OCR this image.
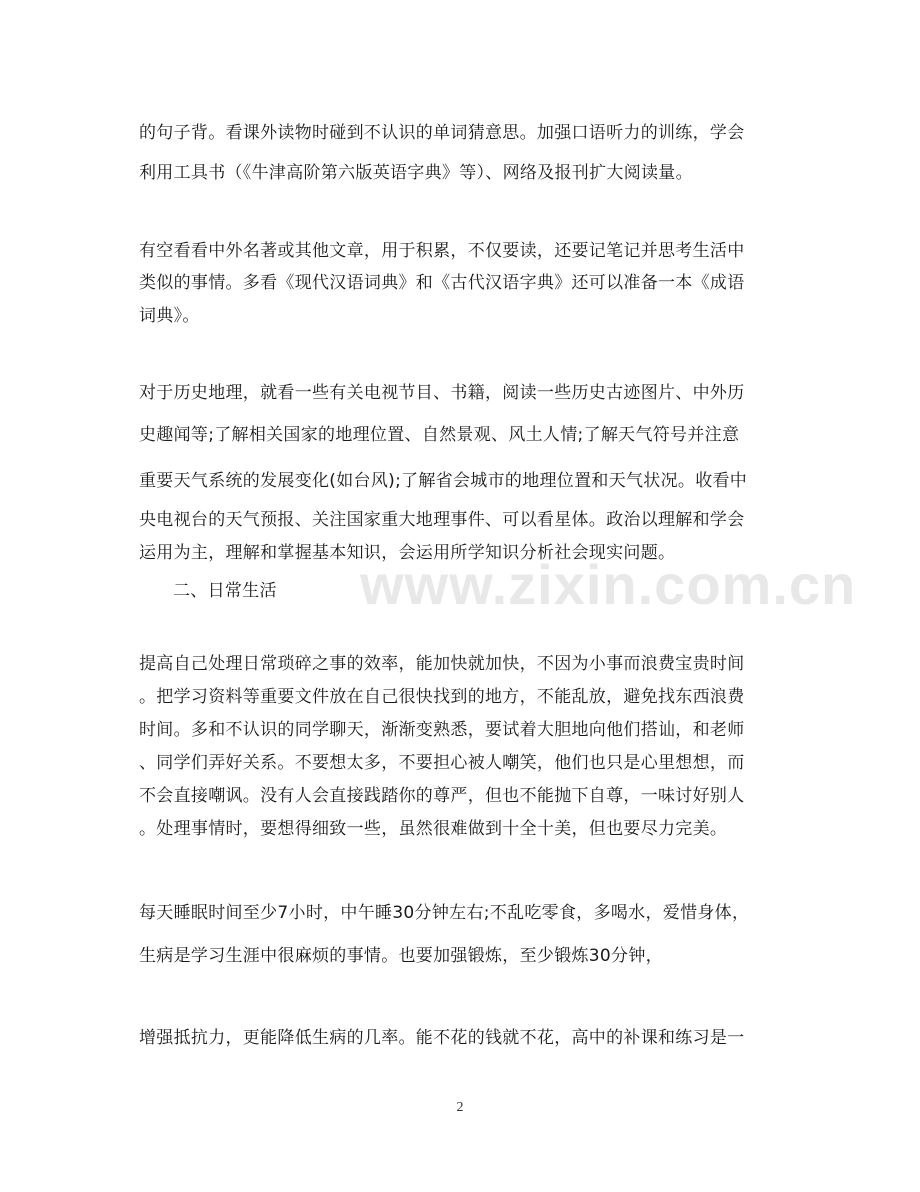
www.zixin.com.cn
的句子背。看课外读物时碰到不认识的单词猜意思。加强口语听力的训练，学会
利用工具书（《牛津高阶第六版英语字典》等）、网络及报刊扩大阅读量。
有空看看中外名著或其他文章，用于积累，不仅要读，还要记笔记并思考生活中
类似的事情。多看《现代汉语词典》和《古代汉语字典》还可以准备一本《成语
词典》。
对于历史地理，就看一些有关电视节目、书籍，阅读一些历史古迹图片、中外历
史趣闻等;了解相关国家的地理位置、自然景观、风土人情;了解天气符号并注意
重要天气系统的发展变化(如台风);了解省会城市的地理位置和天气状况。收看中
央电视台的天气预报、关注国家重大地理事件、可以看星体。政治以理解和学会
运用为主，理解和掌握基本知识，会运用所学知识分析社会现实问题。
二、日常生活
提高自己处理日常琐碎之事的效率，能加快就加快，不因为小事而浪费宝贵时间
。把学习资料等重要文件放在自己很快找到的地方，不能乱放，避免找东西浪费
时间。多和不认识的同学聊天，渐渐变熟悉，要试着大胆地向他们搭讪，和老师
、同学们弄好关系。不要想太多，不要担心被人嘲笑，他们也只是心里想想，而
不会直接嘲讽。没有人会直接践踏你的尊严，但也不能抛下自尊，一味讨好别人
。处理事情时，要想得细致一些，虽然很难做到十全十美，但也要尽力完美。
每天睡眠时间至少7小时，中午睡30分钟左右;不乱吃零食，多喝水，爱惜身体，
生病是学习生涯中很麻烦的事情。也要加强锻炼，至少锻炼30分钟，
增强抵抗力，更能降低生病的几率。能不花的钱就不花，高中的补课和练习是一
2
